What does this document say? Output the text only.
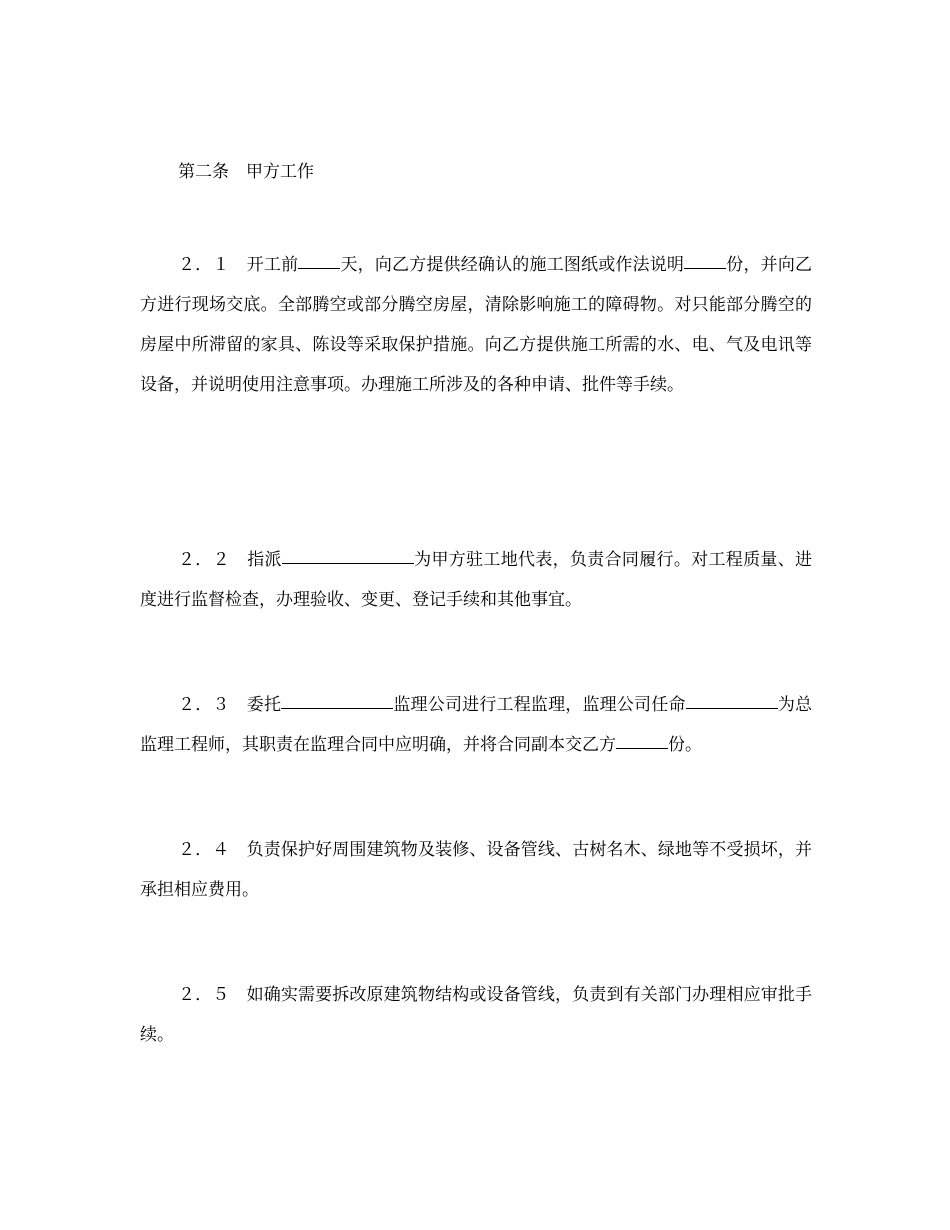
第二条　甲方工作

２．１　开工前 天，向乙方提供经确认的施工图纸或作法说明 份，并向乙方进行现场交底。全部腾空或部分腾空房屋，清除影响施工的障碍物。对只能部分腾空的房屋中所滞留的家具、陈设等采取保护措施。向乙方提供施工所需的水、电、气及电讯等设备，并说明使用注意事项。办理施工所涉及的各种申请、批件等手续。

２．２　指派	为甲方驻工地代表，负责合同履行。对工程质量、进度进行监督检查，办理验收、变更、登记手续和其他事宜。

２．３　委托	监理公司进行工程监理，监理公司任命	为总监理工程师，其职责在监理合同中应明确，并将合同副本交乙方	份。

２．４　负责保护好周围建筑物及装修、设备管线、古树名木、绿地等不受损坏，并承担相应费用。

２．５　如确实需要拆改原建筑物结构或设备管线，负责到有关部门办理相应审批手续。
